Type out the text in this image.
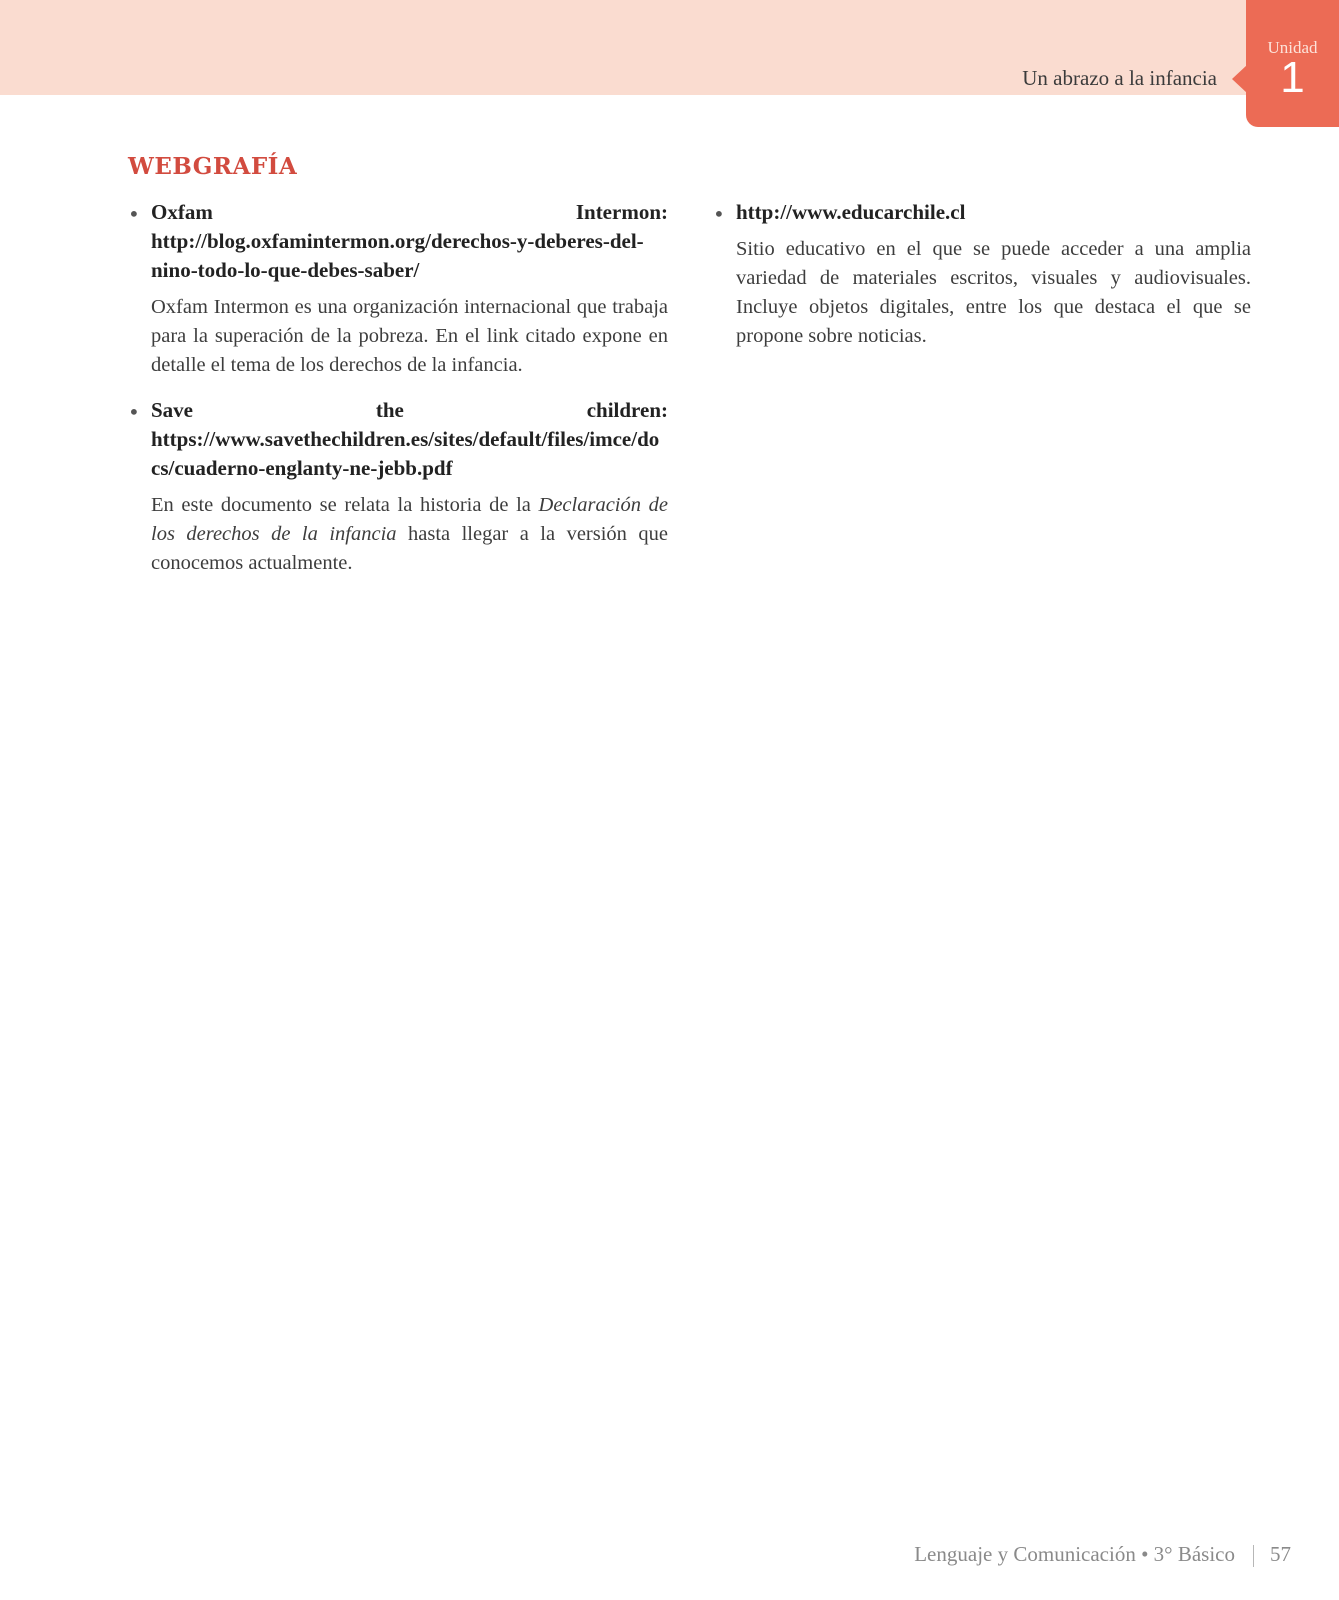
Un abrazo a la infancia
Unidad
1
WEBGRAFÍA
• Oxfam Intermon: http://blog.oxfamintermon.org/derechos-y-deberes-del-nino-todo-lo-que-debes-saber/

Oxfam Intermon es una organización internacional que trabaja para la superación de la pobreza. En el link citado expone en detalle el tema de los derechos de la infancia.

• Save the children: https://www.savethechildren.es/sites/default/files/imce/docs/cuaderno-englanty-ne-jebb.pdf

En este documento se relata la historia de la Declaración de los derechos de la infancia hasta llegar a la versión que conocemos actualmente.

• http://www.educarchile.cl

Sitio educativo en el que se puede acceder a una amplia variedad de materiales escritos, visuales y audiovisuales. Incluye objetos digitales, entre los que destaca el que se propone sobre noticias.

Lenguaje y Comunicación • 3° Básico 57
